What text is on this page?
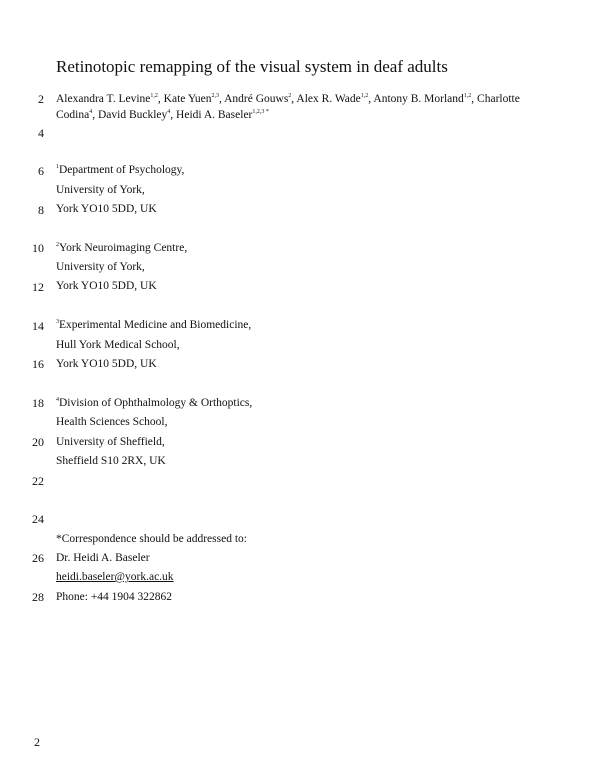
Retinotopic remapping of the visual system in deaf adults
2
4
6
8
10
12
14
16
18
20
22
24
26
28
Alexandra T. Levine$^{1,2}$, Kate Yuen$^{2,3}$, André Gouws$^2$, Alex R. Wade$^{1,2}$, Antony B. Morland$^{1,2}$, Charlotte Codina$^4$, David Buckley$^4$, Heidi A. Baseler$^{1,2,3 *}$
$^1$Department of Psychology,
University of York,
York YO10 5DD, UK
$^2$York Neuroimaging Centre,
University of York,
York YO10 5DD, UK
$^3$Experimental Medicine and Biomedicine,
Hull York Medical School,
York YO10 5DD, UK
$^4$Division of Ophthalmology & Orthoptics,
Health Sciences School,
University of Sheffield,
Sheffield S10 2RX, UK
*Correspondence should be addressed to:
Dr. Heidi A. Baseler
heidi.baseler@york.ac.uk
Phone: +44 1904 322862
2
